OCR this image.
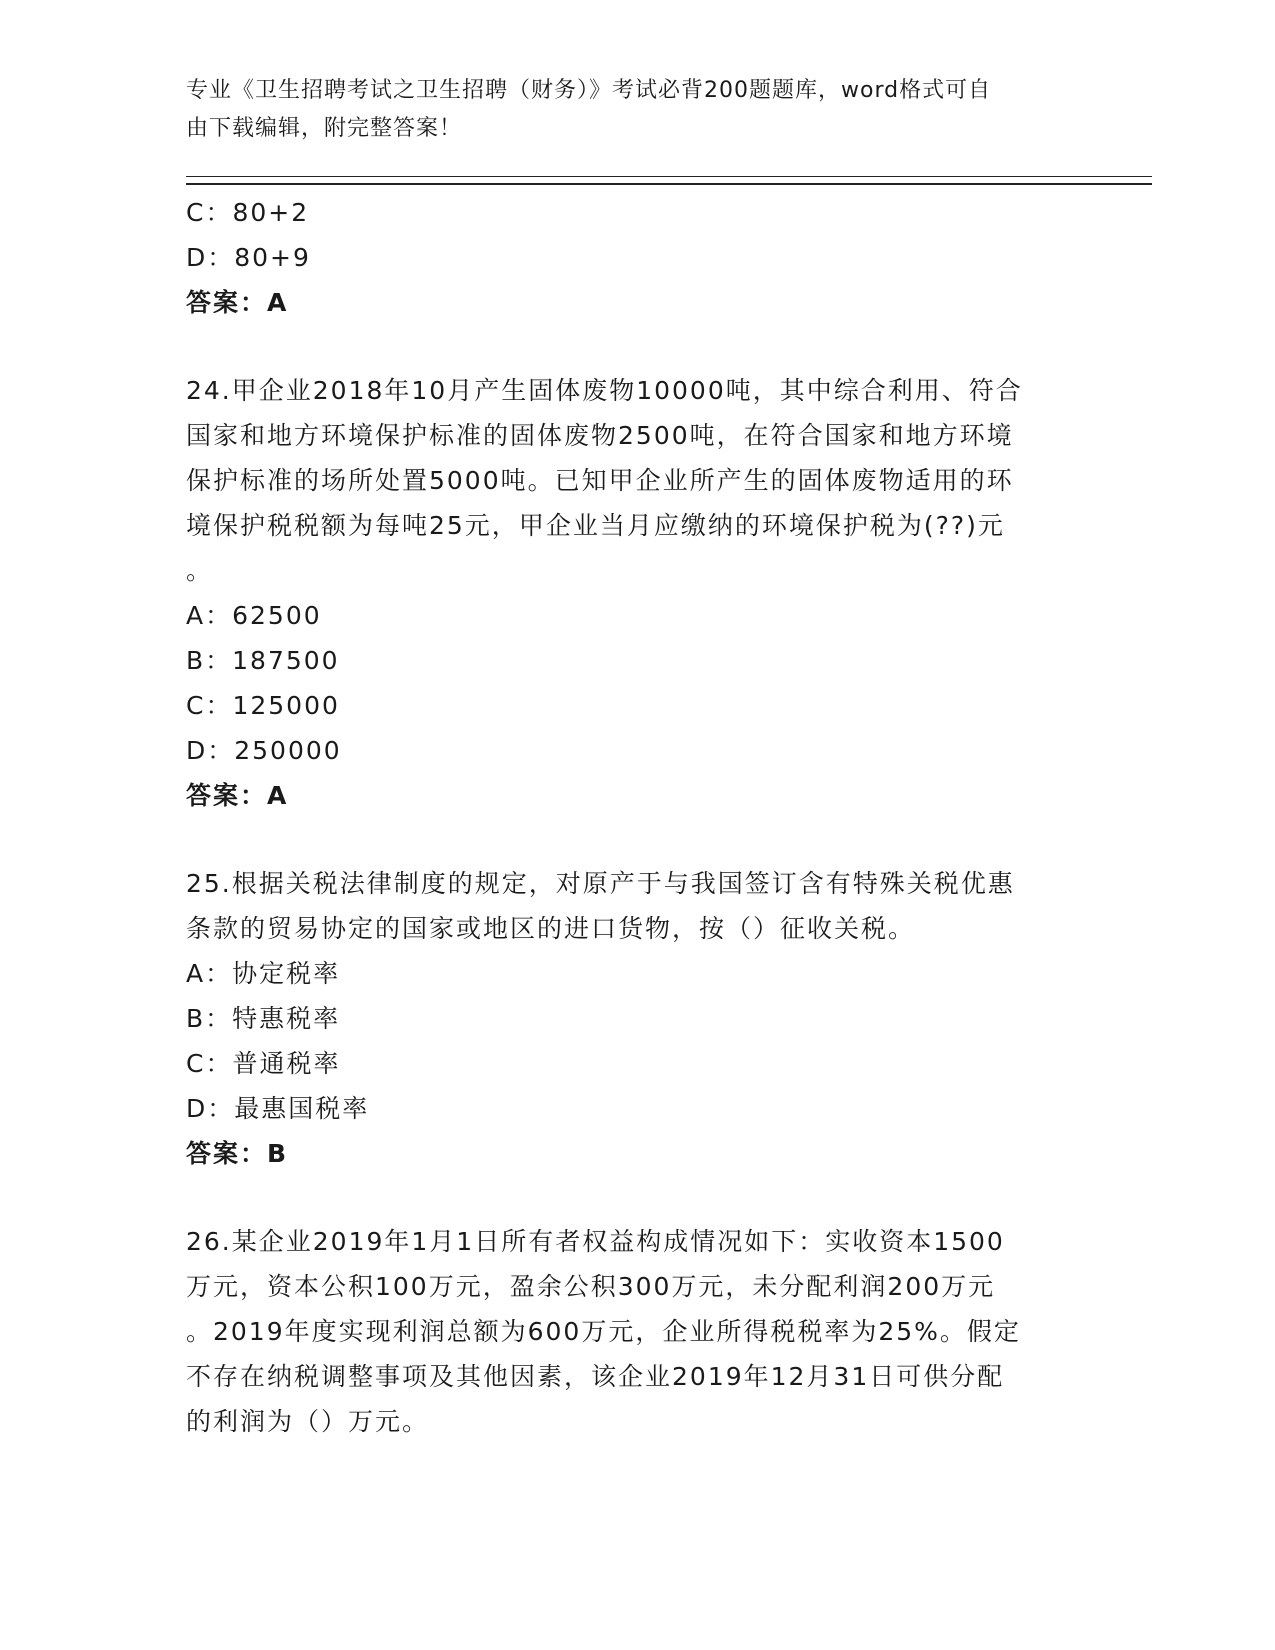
专业《卫生招聘考试之卫生招聘（财务）》考试必背200题题库，word格式可自
由下载编辑，附完整答案！
C：80+2
D：80+9
答案：A
24.甲企业2018年10月产生固体废物10000吨，其中综合利用、符合
国家和地方环境保护标准的固体废物2500吨，在符合国家和地方环境
保护标准的场所处置5000吨。已知甲企业所产生的固体废物适用的环
境保护税税额为每吨25元，甲企业当月应缴纳的环境保护税为(??)元
。
A：62500
B：187500
C：125000
D：250000
答案：A
25.根据关税法律制度的规定，对原产于与我国签订含有特殊关税优惠
条款的贸易协定的国家或地区的进口货物，按（）征收关税。
A：协定税率
B：特惠税率
C：普通税率
D：最惠国税率
答案：B
26.某企业2019年1月1日所有者权益构成情况如下：实收资本1500
万元，资本公积100万元，盈余公积300万元，未分配利润200万元
。2019年度实现利润总额为600万元，企业所得税税率为25%。假定
不存在纳税调整事项及其他因素，该企业2019年12月31日可供分配
的利润为（）万元。
